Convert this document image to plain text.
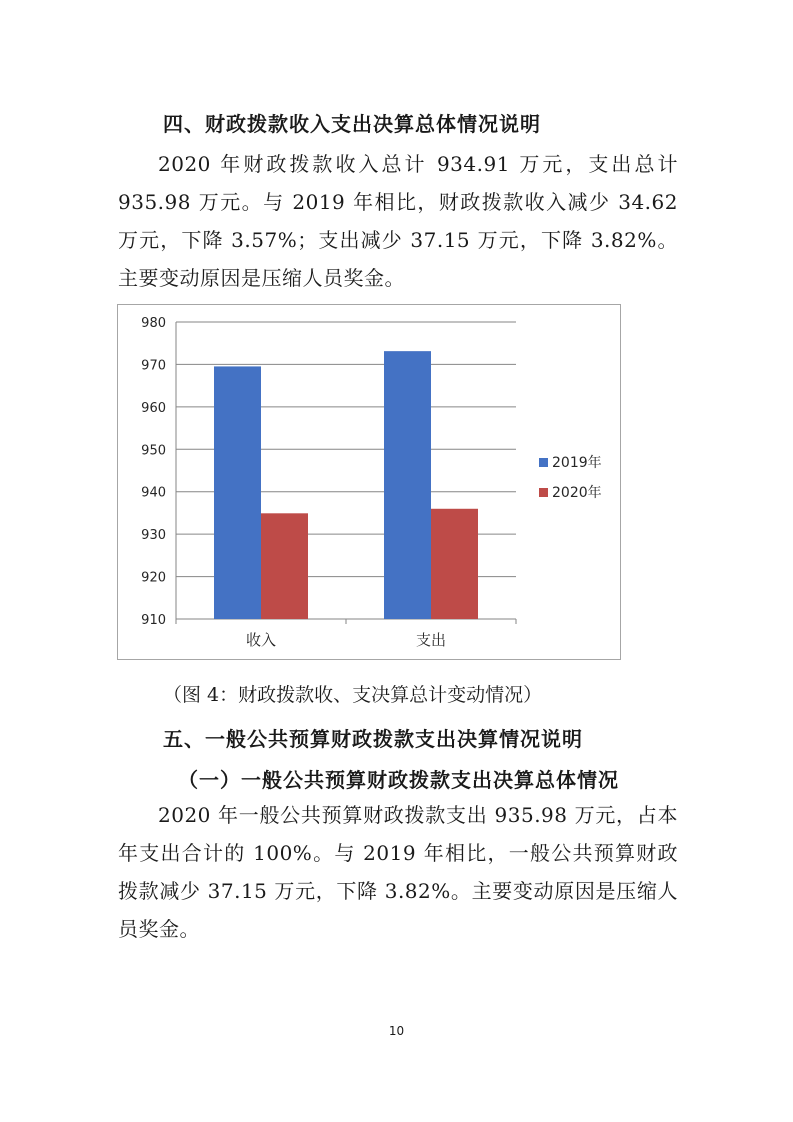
四、财政拨款收入支出决算总体情况说明

2020 年财政拨款收入总计 934.91 万元，支出总计 935.98 万元。与 2019 年相比，财政拨款收入减少 34.62 万元，下降 3.57%；支出减少 37.15 万元，下降 3.82%。主要变动原因是压缩人员奖金。

910
920
930
940
950
960
970
980
收入	支出
2019年
2020年
（图 4：财政拨款收、支决算总计变动情况）
五、一般公共预算财政拨款支出决算情况说明
（一）一般公共预算财政拨款支出决算总体情况

2020 年一般公共预算财政拨款支出 935.98 万元，占本年支出合计的 100%。与 2019 年相比，一般公共预算财政拨款减少 37.15 万元，下降 3.82%。主要变动原因是压缩人员奖金。

10
